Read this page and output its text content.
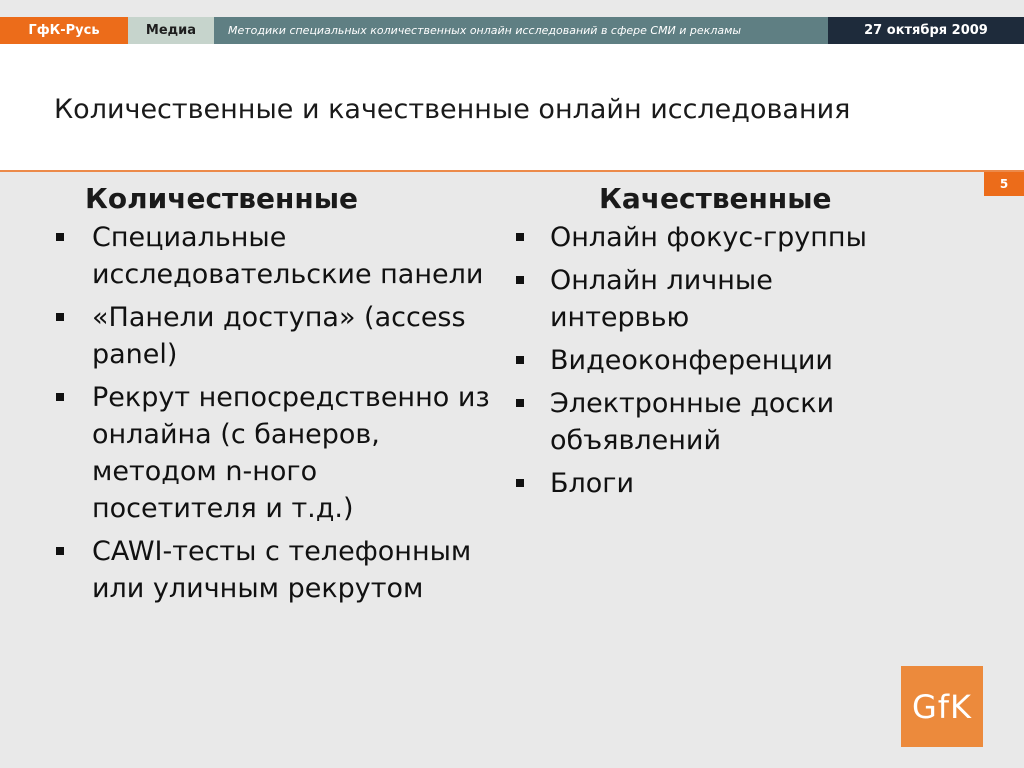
ГфК-Русь	Медиа	Методики специальных количественных онлайн исследований в сфере СМИ и рекламы	27 октября 2009
Количественные и качественные онлайн исследования
5
Количественные
Специальные исследовательские панели
«Панели доступа» (access panel)
Рекрут непосредственно из онлайна (с банеров, методом n-ного посетителя и т.д.)
CAWI-тесты с телефонным или уличным рекрутом
Качественные
Онлайн фокус-группы
Онлайн личные интервью
Видеоконференции
Электронные доски объявлений
Блоги
GfK
